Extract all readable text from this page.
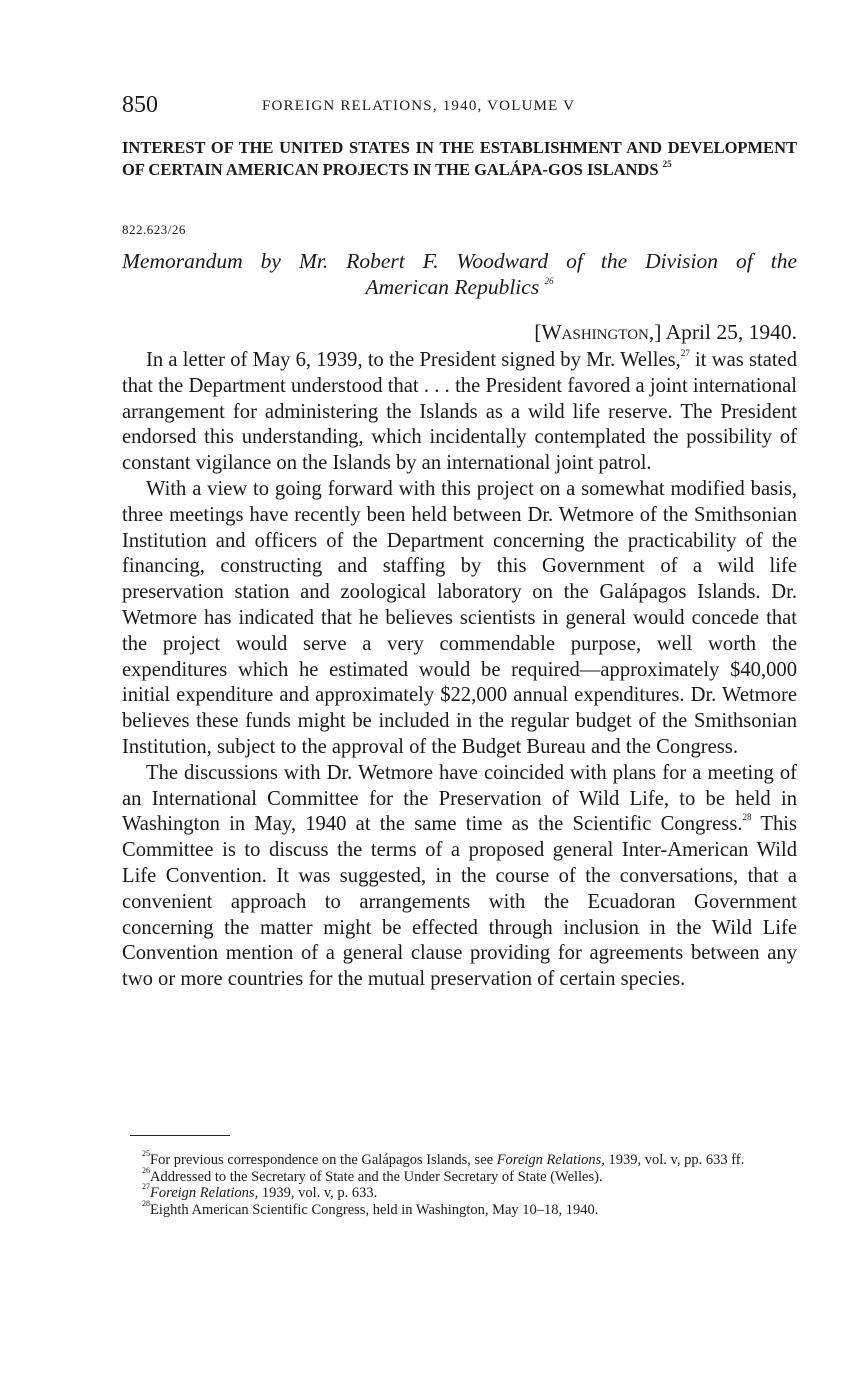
850	FOREIGN RELATIONS, 1940, VOLUME V
INTEREST OF THE UNITED STATES IN THE ESTABLISHMENT AND DEVELOPMENT OF CERTAIN AMERICAN PROJECTS IN THE GALÁPA-GOS ISLANDS $^{25}$
822.623/26
Memorandum by Mr. Robert F. Woodward of the Division of the
American Republics $^{26}$
[Washington,] April 25, 1940.

In a letter of May 6, 1939, to the President signed by Mr. Welles,$^{27}$ it was stated that the Department understood that . . . the President favored a joint international arrangement for administering the Islands as a wild life reserve. The President endorsed this understanding, which incidentally contemplated the possibility of constant vigilance on the Islands by an international joint patrol.

With a view to going forward with this project on a somewhat modified basis, three meetings have recently been held between Dr. Wetmore of the Smithsonian Institution and officers of the Department concerning the practicability of the financing, constructing and staffing by this Government of a wild life preservation station and zoological laboratory on the Galápagos Islands. Dr. Wetmore has indicated that he believes scientists in general would concede that the project would serve a very commendable purpose, well worth the expenditures which he estimated would be required—approximately $40,000 initial expenditure and approximately $22,000 annual expenditures. Dr. Wetmore believes these funds might be included in the regular budget of the Smithsonian Institution, subject to the approval of the Budget Bureau and the Congress.

The discussions with Dr. Wetmore have coincided with plans for a meeting of an International Committee for the Preservation of Wild Life, to be held in Washington in May, 1940 at the same time as the Scientific Congress.$^{28}$ This Committee is to discuss the terms of a proposed general Inter-American Wild Life Convention. It was suggested, in the course of the conversations, that a convenient approach to arrangements with the Ecuadoran Government concerning the matter might be effected through inclusion in the Wild Life Convention mention of a general clause providing for agreements between any two or more countries for the mutual preservation of certain species.

$^{25}$For previous correspondence on the Galápagos Islands, see Foreign Relations, 1939, vol. v, pp. 633 ff.

$^{26}$Addressed to the Secretary of State and the Under Secretary of State (Welles).

$^{27}$Foreign Relations, 1939, vol. v, p. 633.

$^{28}$Eighth American Scientific Congress, held in Washington, May 10–18, 1940.
